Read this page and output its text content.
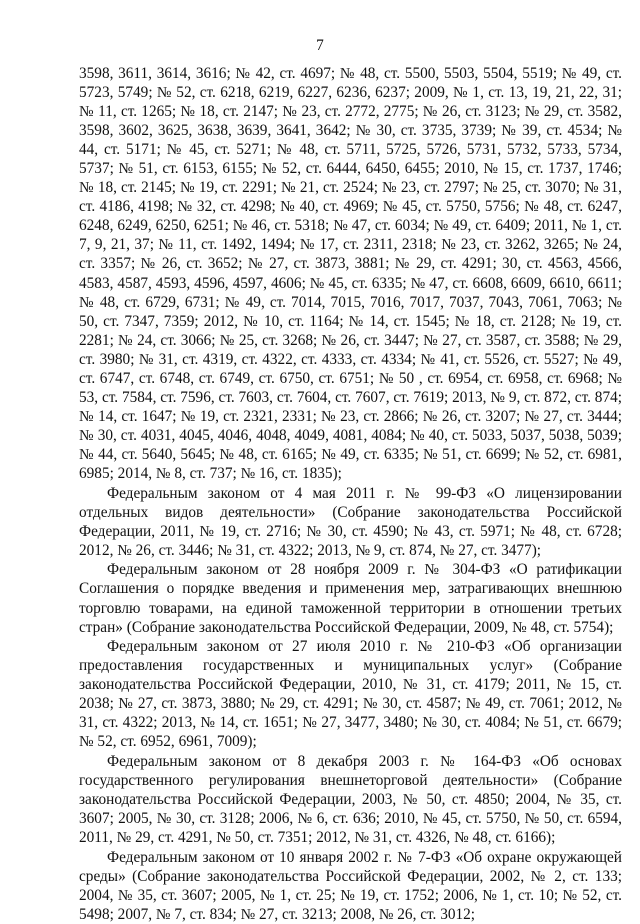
7

3598, 3611, 3614, 3616; № 42, ст. 4697; № 48, ст. 5500, 5503, 5504, 5519; № 49, ст. 5723, 5749; № 52, ст. 6218, 6219, 6227, 6236, 6237; 2009, № 1, ст. 13, 19, 21, 22, 31; № 11, ст. 1265; № 18, ст. 2147; № 23, ст. 2772, 2775; № 26, ст. 3123; № 29, ст. 3582, 3598, 3602, 3625, 3638, 3639, 3641, 3642; № 30, ст. 3735, 3739; № 39, ст. 4534; № 44, ст. 5171; № 45, ст. 5271; № 48, ст. 5711, 5725, 5726, 5731, 5732, 5733, 5734, 5737; № 51, ст. 6153, 6155; № 52, ст. 6444, 6450, 6455; 2010, № 15, ст. 1737, 1746; № 18, ст. 2145; № 19, ст. 2291; № 21, ст. 2524; № 23, ст. 2797; № 25, ст. 3070; № 31, ст. 4186, 4198; № 32, ст. 4298; № 40, ст. 4969; № 45, ст. 5750, 5756; № 48, ст. 6247, 6248, 6249, 6250, 6251; № 46, ст. 5318; № 47, ст. 6034; № 49, ст. 6409; 2011, № 1, ст. 7, 9, 21, 37; № 11, ст. 1492, 1494; № 17, ст. 2311, 2318; № 23, ст. 3262, 3265; № 24, ст. 3357; № 26, ст. 3652; № 27, ст. 3873, 3881; № 29, ст. 4291; 30, ст. 4563, 4566, 4583, 4587, 4593, 4596, 4597, 4606; № 45, ст. 6335; № 47, ст. 6608, 6609, 6610, 6611; № 48, ст. 6729, 6731; № 49, ст. 7014, 7015, 7016, 7017, 7037, 7043, 7061, 7063; № 50, ст. 7347, 7359; 2012, № 10, ст. 1164; № 14, ст. 1545; № 18, ст. 2128; № 19, ст. 2281; № 24, ст. 3066; № 25, ст. 3268; № 26, ст. 3447; № 27, ст. 3587, ст. 3588; № 29, ст. 3980; № 31, ст. 4319, ст. 4322, ст. 4333, ст. 4334; № 41, ст. 5526, ст. 5527; № 49, ст. 6747, ст. 6748, ст. 6749, ст. 6750, ст. 6751; № 50 , ст. 6954, ст. 6958, ст. 6968; № 53, ст. 7584, ст. 7596, ст. 7603, ст. 7604, ст. 7607, ст. 7619; 2013, № 9, ст. 872, ст. 874; № 14, ст. 1647; № 19, ст. 2321, 2331; № 23, ст. 2866; № 26, ст. 3207; № 27, ст. 3444; № 30, ст. 4031, 4045, 4046, 4048, 4049, 4081, 4084; № 40, ст. 5033, 5037, 5038, 5039; № 44, ст. 5640, 5645; № 48, ст. 6165; № 49, ст. 6335; № 51, ст. 6699; № 52, ст. 6981, 6985; 2014, № 8, ст. 737; № 16, ст. 1835);

Федеральным законом от 4 мая 2011 г. № 99-ФЗ «О лицензировании отдельных видов деятельности» (Собрание законодательства Российской Федерации, 2011, № 19, ст. 2716; № 30, ст. 4590; № 43, ст. 5971; № 48, ст. 6728; 2012, № 26, ст. 3446; № 31, ст. 4322; 2013, № 9, ст. 874, № 27, ст. 3477);

Федеральным законом от 28 ноября 2009 г. № 304-ФЗ «О ратификации Соглашения о порядке введения и применения мер, затрагивающих внешнюю торговлю товарами, на единой таможенной территории в отношении третьих стран» (Собрание законодательства Российской Федерации, 2009, № 48, ст. 5754);

Федеральным законом от 27 июля 2010 г. № 210-ФЗ «Об организации предоставления государственных и муниципальных услуг» (Собрание законодательства Российской Федерации, 2010, № 31, ст. 4179; 2011, № 15, ст. 2038; № 27, ст. 3873, 3880; № 29, ст. 4291; № 30, ст. 4587; № 49, ст. 7061; 2012, № 31, ст. 4322; 2013, № 14, ст. 1651; № 27, 3477, 3480; № 30, ст. 4084; № 51, ст. 6679; № 52, ст. 6952, 6961, 7009);

Федеральным законом от 8 декабря 2003 г. № 164-ФЗ «Об основах государственного регулирования внешнеторговой деятельности» (Собрание законодательства Российской Федерации, 2003, № 50, ст. 4850; 2004, № 35, ст. 3607; 2005, № 30, ст. 3128; 2006, № 6, ст. 636; 2010, № 45, ст. 5750, № 50, ст. 6594, 2011, № 29, ст. 4291, № 50, ст. 7351; 2012, № 31, ст. 4326, № 48, ст. 6166);

Федеральным законом от 10 января 2002 г. № 7-ФЗ «Об охране окружающей среды» (Собрание законодательства Российской Федерации, 2002, № 2, ст. 133; 2004, № 35, ст. 3607; 2005, № 1, ст. 25; № 19, ст. 1752; 2006, № 1, ст. 10; № 52, ст. 5498; 2007, № 7, ст. 834; № 27, ст. 3213; 2008, № 26, ст. 3012;
